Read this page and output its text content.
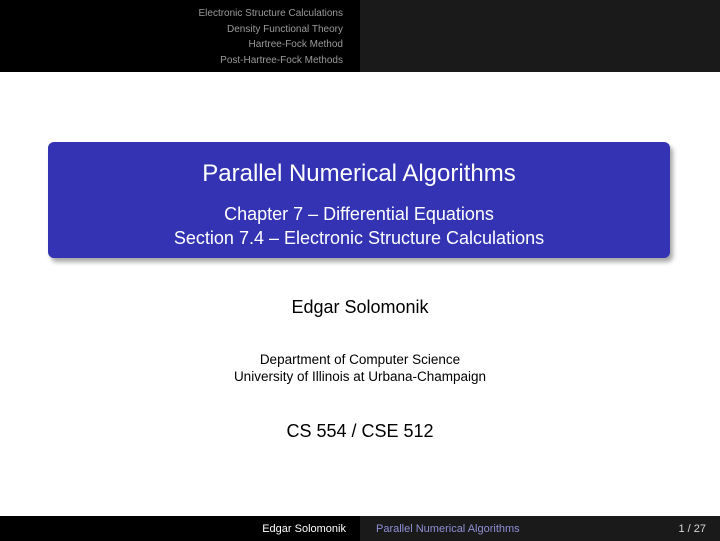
Electronic Structure Calculations
Density Functional Theory
Hartree-Fock Method
Post-Hartree-Fock Methods
Parallel Numerical Algorithms
Chapter 7 – Differential Equations
Section 7.4 – Electronic Structure Calculations
Edgar Solomonik
Department of Computer Science
University of Illinois at Urbana-Champaign
CS 554 / CSE 512
Edgar Solomonik	Parallel Numerical Algorithms	1 / 27
